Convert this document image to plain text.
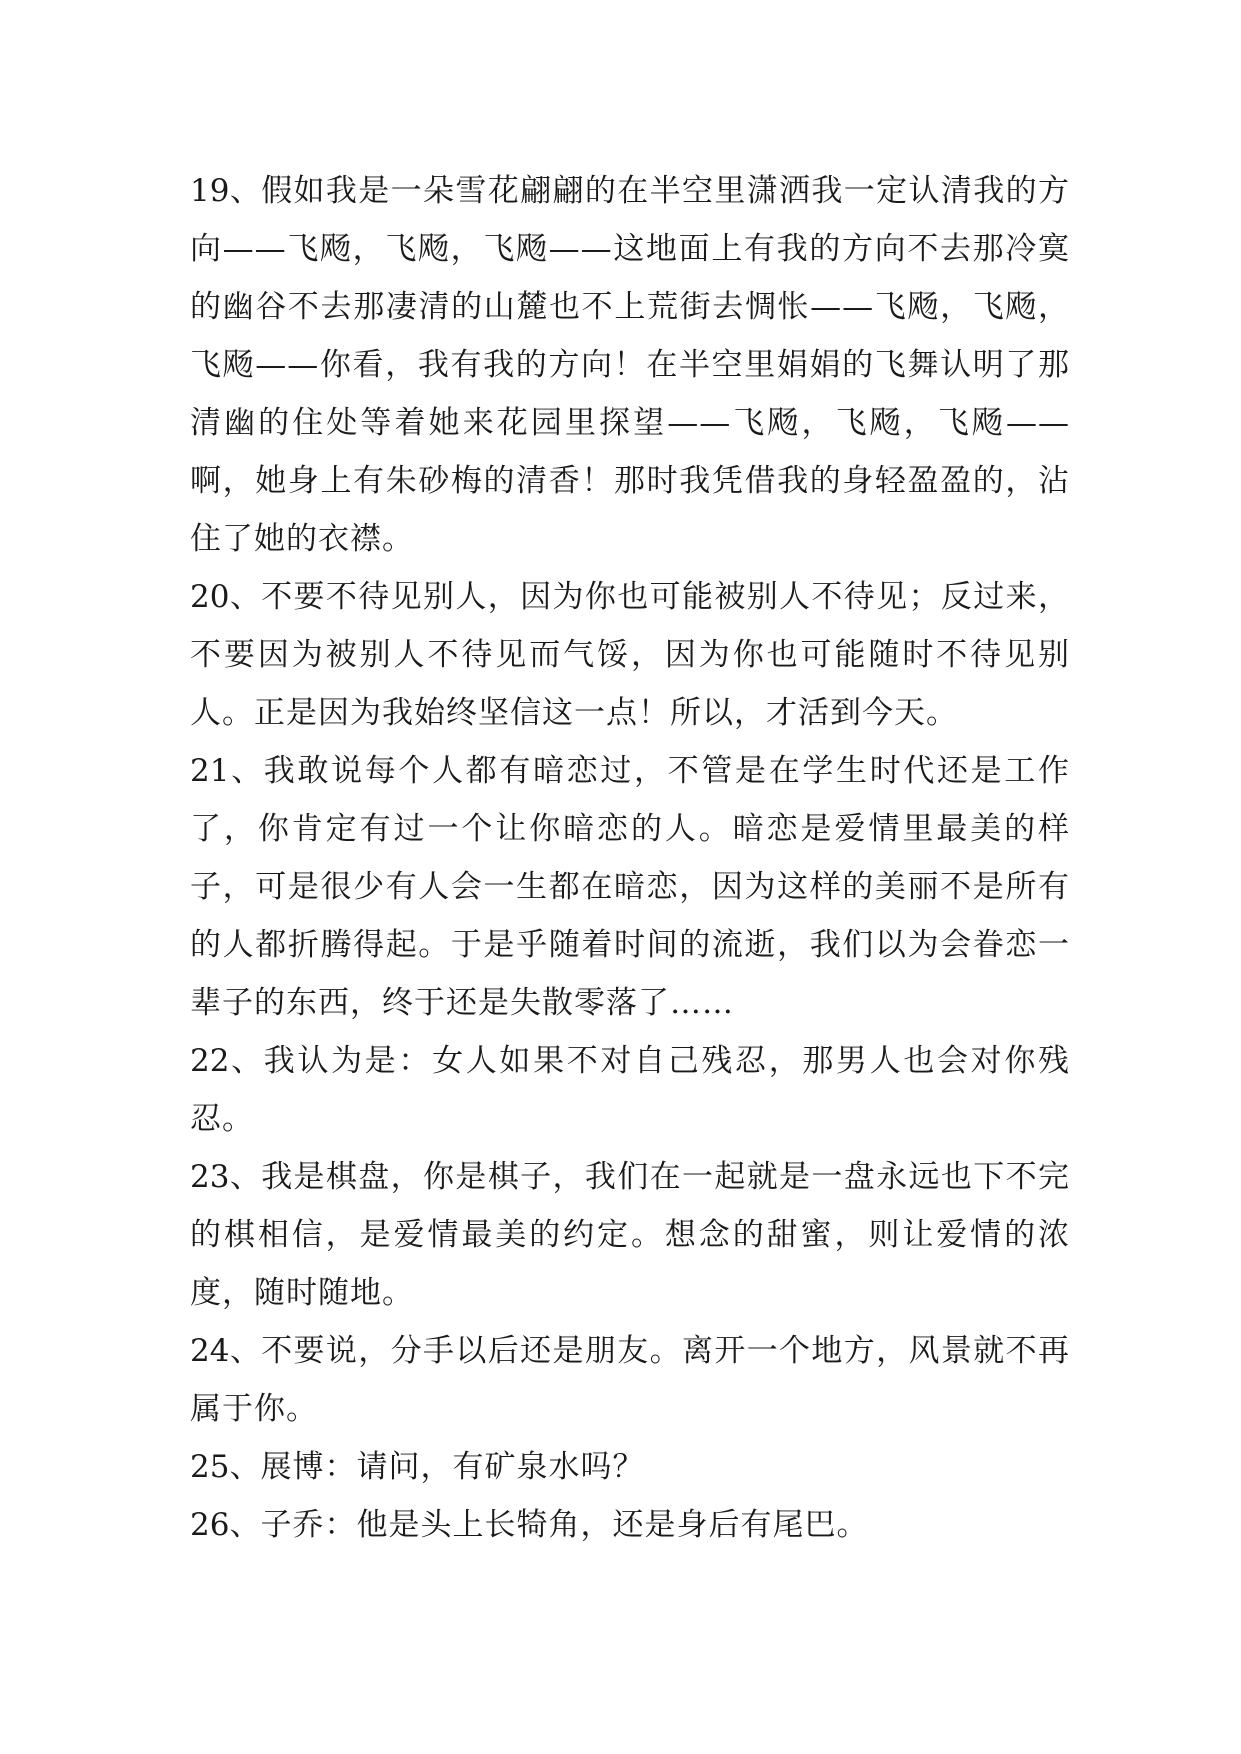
19、假如我是一朵雪花翩翩的在半空里潇洒我一定认清我的方向——飞飏，飞飏，飞飏——这地面上有我的方向不去那冷寞的幽谷不去那凄清的山麓也不上荒街去惆怅——飞飏，飞飏，飞飏——你看，我有我的方向！在半空里娟娟的飞舞认明了那清幽的住处等着她来花园里探望——飞飏，飞飏，飞飏——啊，她身上有朱砂梅的清香！那时我凭借我的身轻盈盈的，沾住了她的衣襟。

20、不要不待见别人，因为你也可能被别人不待见；反过来，不要因为被别人不待见而气馁，因为你也可能随时不待见别人。正是因为我始终坚信这一点！所以，才活到今天。

21、我敢说每个人都有暗恋过，不管是在学生时代还是工作了，你肯定有过一个让你暗恋的人。暗恋是爱情里最美的样子，可是很少有人会一生都在暗恋，因为这样的美丽不是所有的人都折腾得起。于是乎随着时间的流逝，我们以为会眷恋一辈子的东西，终于还是失散零落了……

22、我认为是：女人如果不对自己残忍，那男人也会对你残忍。

23、我是棋盘，你是棋子，我们在一起就是一盘永远也下不完的棋相信，是爱情最美的约定。想念的甜蜜，则让爱情的浓度，随时随地。

24、不要说，分手以后还是朋友。离开一个地方，风景就不再属于你。

25、展博：请问，有矿泉水吗？

26、子乔：他是头上长犄角，还是身后有尾巴。
